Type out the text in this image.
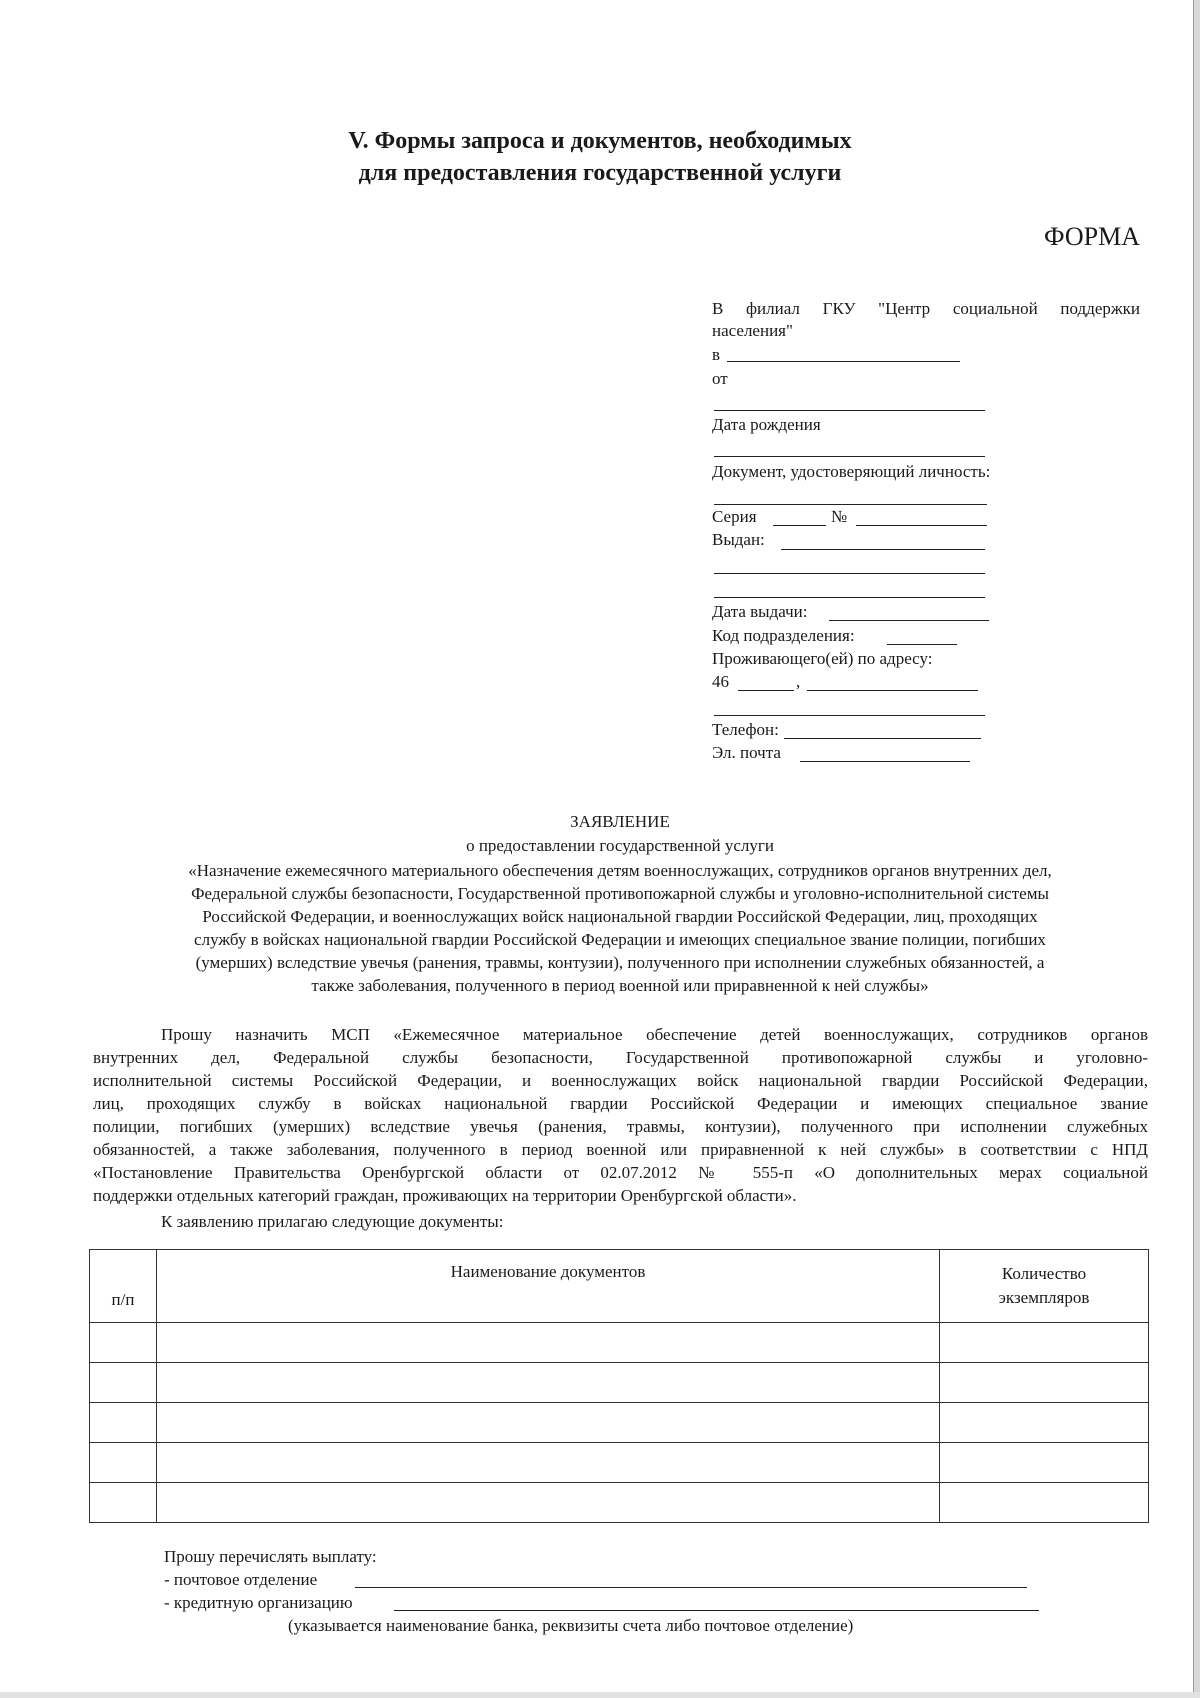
V. Формы запроса и документов, необходимых
для предоставления государственной услуги
ФОРМА
В филиал ГКУ "Центр социальной поддержки
населения"
в
от
Дата рождения
Документ, удостоверяющий личность:
Серия	№
Выдан:
Дата выдачи:
Код подразделения:
Проживающего(ей) по адресу:
46	,
Телефон:
Эл. почта
ЗАЯВЛЕНИЕ
о предоставлении государственной услуги
«Назначение ежемесячного материального обеспечения детям военнослужащих, сотрудников органов внутренних дел,
Федеральной службы безопасности, Государственной противопожарной службы и уголовно-исполнительной системы
Российской Федерации, и военнослужащих войск национальной гвардии Российской Федерации, лиц, проходящих
службу в войсках национальной гвардии Российской Федерации и имеющих специальное звание полиции, погибших
(умерших) вследствие увечья (ранения, травмы, контузии), полученного при исполнении служебных обязанностей, а
также заболевания, полученного в период военной или приравненной к ней службы»
Прошу назначить МСП «Ежемесячное материальное обеспечение детей военнослужащих, сотрудников органов
внутренних дел, Федеральной службы безопасности, Государственной противопожарной службы и уголовно-
исполнительной системы Российской Федерации, и военнослужащих войск национальной гвардии Российской Федерации,
лиц, проходящих службу в войсках национальной гвардии Российской Федерации и имеющих специальное звание
полиции, погибших (умерших) вследствие увечья (ранения, травмы, контузии), полученного при исполнении служебных
обязанностей, а также заболевания, полученного в период военной или приравненной к ней службы» в соответствии с НПД
«Постановление Правительства Оренбургской области от 02.07.2012 № 555-п «О дополнительных мерах социальной
поддержки отдельных категорий граждан, проживающих на территории Оренбургской области».
К заявлению прилагаю следующие документы:
п/п	Наименование документов	Количество
экземпляров

Прошу перечислять выплату:
- почтовое отделение
- кредитную организацию
(указывается наименование банка, реквизиты счета либо почтовое отделение)
